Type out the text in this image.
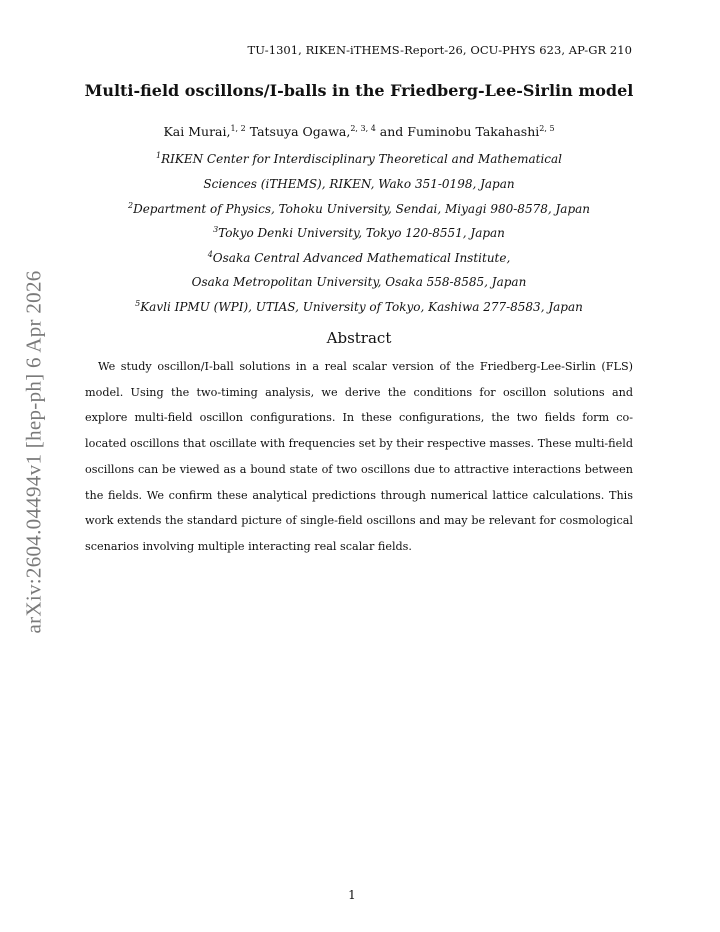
TU-1301, RIKEN-iTHEMS-Report-26, OCU-PHYS 623, AP-GR 210
Multi-field oscillons/I-balls in the Friedberg-Lee-Sirlin model
Kai Murai,$^{1, 2}$ Tatsuya Ogawa,$^{2, 3, 4}$ and Fuminobu Takahashi$^{2, 5}$
$^1$RIKEN Center for Interdisciplinary Theoretical and Mathematical
Sciences (iTHEMS), RIKEN, Wako 351-0198, Japan
$^2$Department of Physics, Tohoku University, Sendai, Miyagi 980-8578, Japan
$^3$Tokyo Denki University, Tokyo 120-8551, Japan
$^4$Osaka Central Advanced Mathematical Institute,
Osaka Metropolitan University, Osaka 558-8585, Japan
$^5$Kavli IPMU (WPI), UTIAS, University of Tokyo, Kashiwa 277-8583, Japan
Abstract
We study oscillon/I-ball solutions in a real scalar version of the Friedberg-Lee-Sirlin (FLS) model. Using the two-timing analysis, we derive the conditions for oscillon solutions and explore multi-field oscillon configurations. In these configurations, the two fields form co-located oscillons that oscillate with frequencies set by their respective masses. These multi-field oscillons can be viewed as a bound state of two oscillons due to attractive interactions between the fields. We confirm these analytical predictions through numerical lattice calculations. This work extends the standard picture of single-field oscillons and may be relevant for cosmological scenarios involving multiple interacting real scalar fields.
arXiv:2604.04494v1 [hep-ph] 6 Apr 2026
1
